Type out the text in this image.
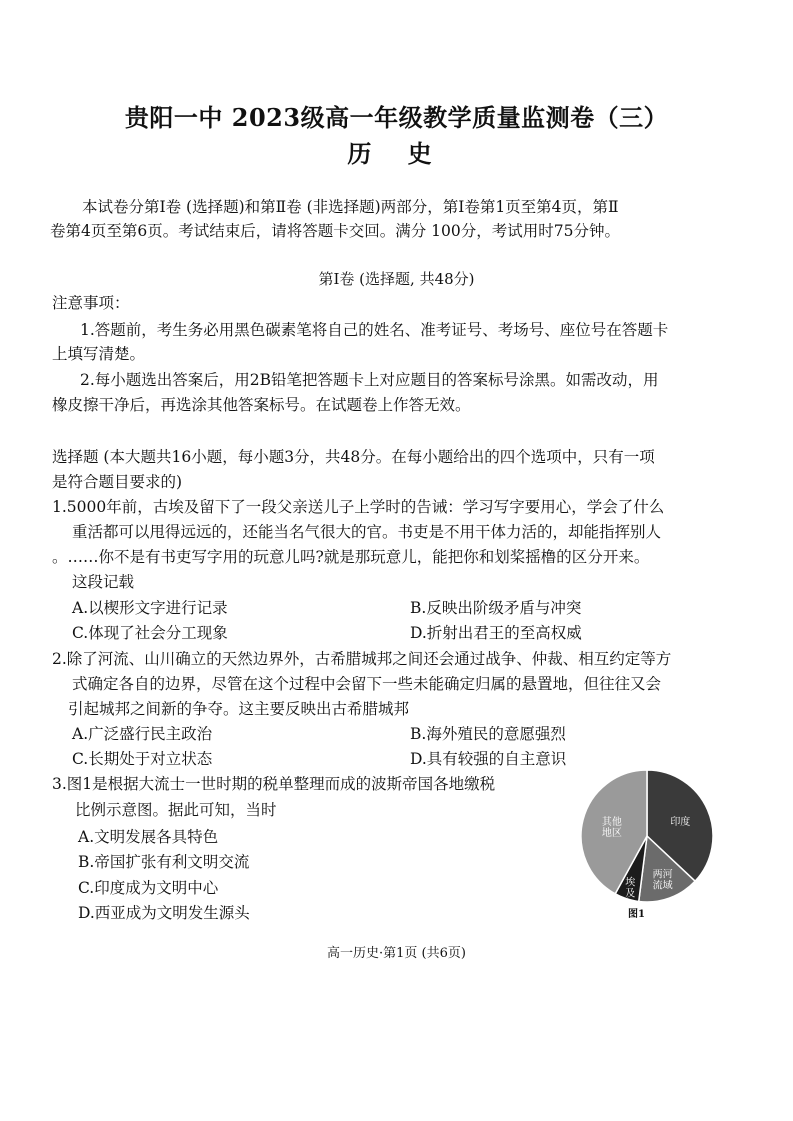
贵阳一中 2023级高一年级教学质量监测卷（三）
历 史
本试卷分第Ⅰ卷 (选择题)和第Ⅱ卷 (非选择题)两部分，第Ⅰ卷第1页至第4页，第Ⅱ
卷第4页至第6页。考试结束后，请将答题卡交回。满分 100分，考试用时75分钟。
第Ⅰ卷 (选择题, 共48分)
注意事项：
1.答题前，考生务必用黑色碳素笔将自己的姓名、准考证号、考场号、座位号在答题卡
上填写清楚。
2.每小题选出答案后，用2B铅笔把答题卡上对应题目的答案标号涂黑。如需改动，用
橡皮擦干净后，再选涂其他答案标号。在试题卷上作答无效。
选择题 (本大题共16小题，每小题3分，共48分。在每小题给出的四个选项中，只有一项
是符合题目要求的)
1.5000年前，古埃及留下了一段父亲送儿子上学时的告诫：学习写字要用心，学会了什么
重活都可以甩得远远的，还能当名气很大的官。书吏是不用干体力活的，却能指挥别人
。……你不是有书吏写字用的玩意儿吗?就是那玩意儿，能把你和划桨摇橹的区分开来。
这段记载
A.以楔形文字进行记录	B.反映出阶级矛盾与冲突
C.体现了社会分工现象	D.折射出君王的至高权威
2.除了河流、山川确立的天然边界外，古希腊城邦之间还会通过战争、仲裁、相互约定等方
式确定各自的边界，尽管在这个过程中会留下一些未能确定归属的悬置地，但往往又会
引起城邦之间新的争夺。这主要反映出古希腊城邦
A.广泛盛行民主政治	B.海外殖民的意愿强烈
C.长期处于对立状态	D.具有较强的自主意识
3.图1是根据大流士一世时期的税单整理而成的波斯帝国各地缴税
比例示意图。据此可知，当时
A.文明发展各具特色
B.帝国扩张有利文明交流
C.印度成为文明中心
D.西亚成为文明发生源头
印度
两河流域
埃及
其他地区
图1
高一历史·第1页 (共6页)
